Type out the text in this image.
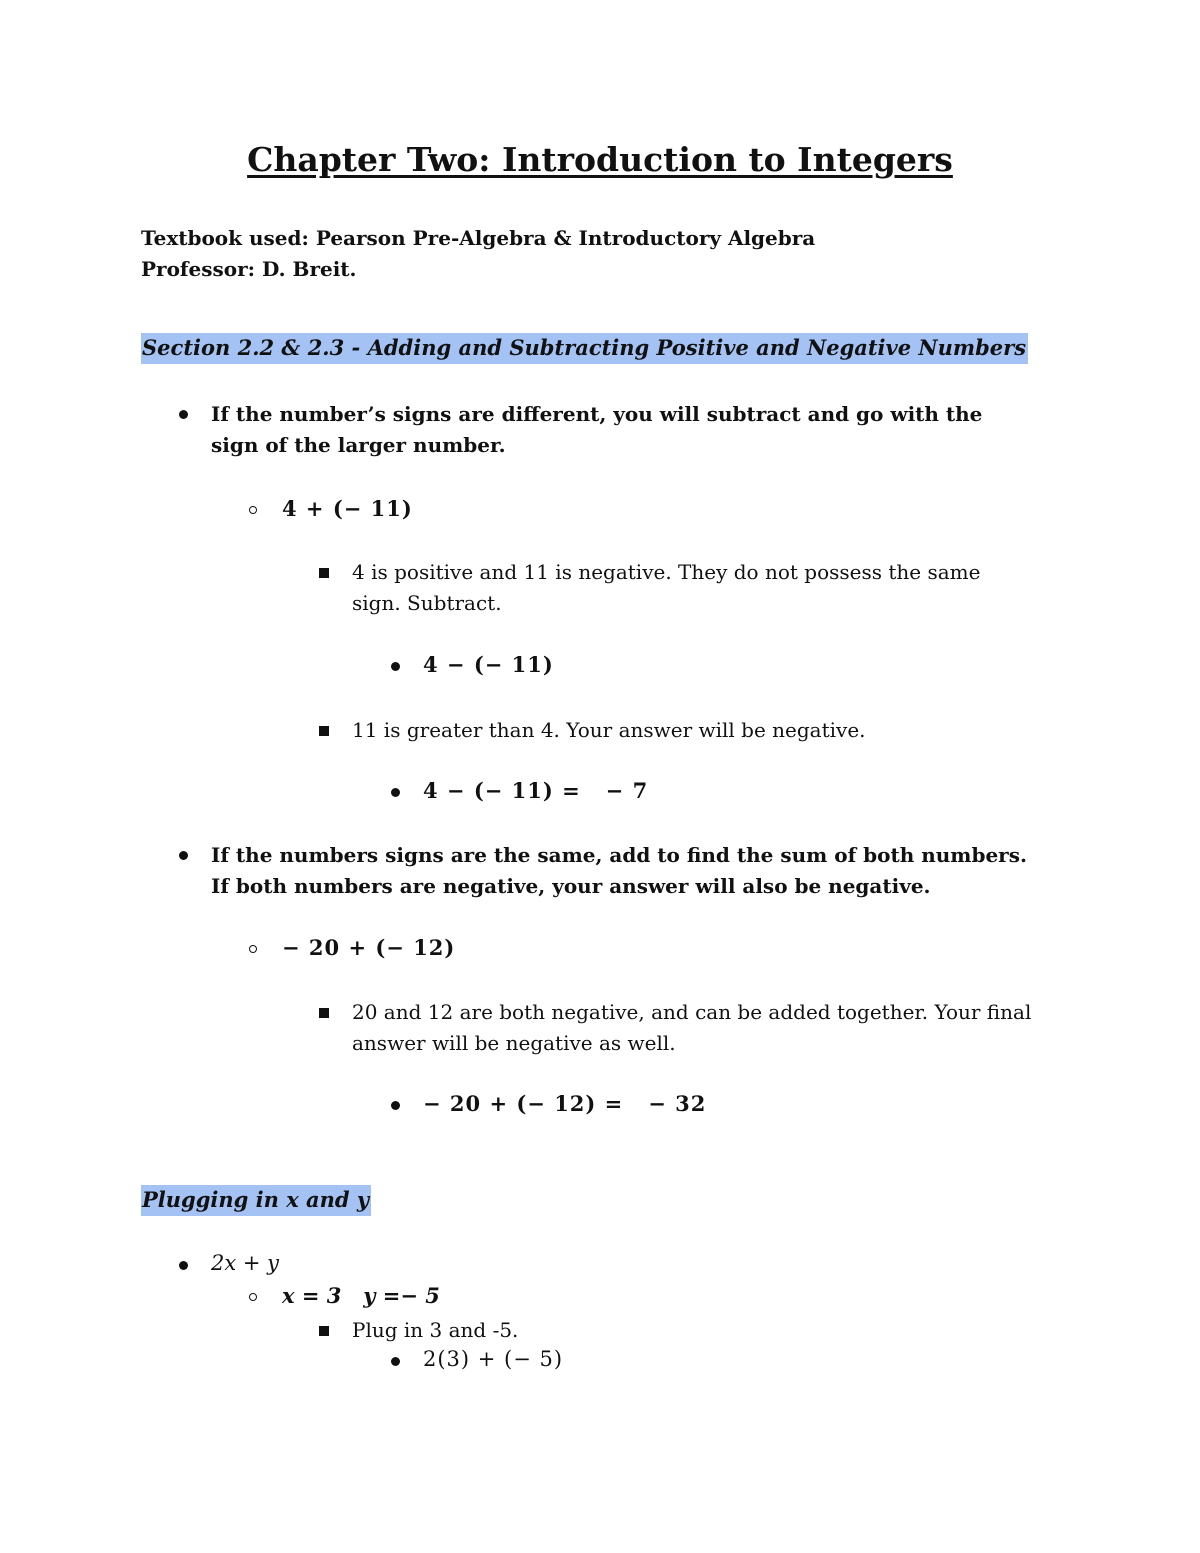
Chapter Two: Introduction to Integers
Textbook used: Pearson Pre-Algebra & Introductory Algebra
Professor: D. Breit.
Section 2.2 & 2.3 - Adding and Subtracting Positive and Negative Numbers
If the number’s signs are different, you will subtract and go with the sign of the larger number.
4 + (− 11)
4 is positive and 11 is negative. They do not possess the same sign. Subtract.
4 − (− 11)
11 is greater than 4. Your answer will be negative.
4 − (− 11) =   − 7
If the numbers signs are the same, add to find the sum of both numbers. If both numbers are negative, your answer will also be negative.
− 20 + (− 12)
20 and 12 are both negative, and can be added together. Your final answer will be negative as well.
− 20 + (− 12) =   − 32
Plugging in x and y
2x + y
x = 3   y =− 5
Plug in 3 and -5.
2(3) + (− 5)
